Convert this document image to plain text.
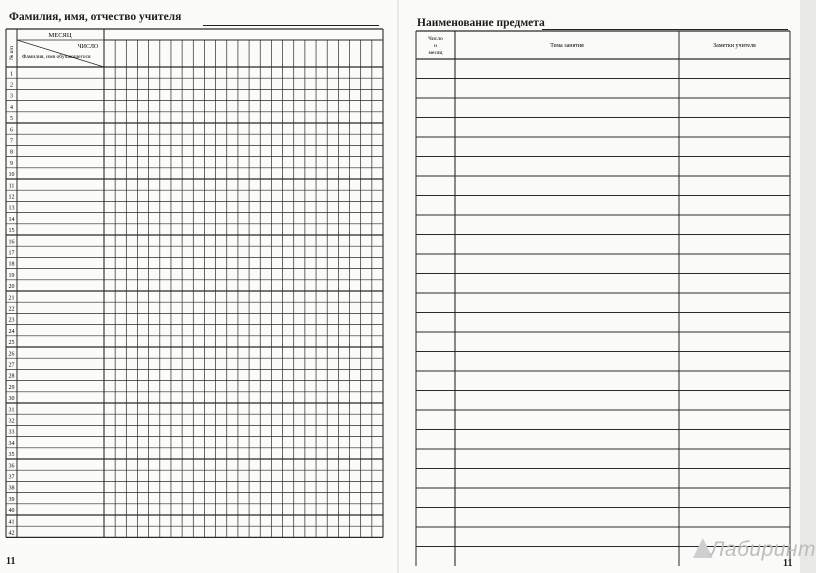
Фамилия, имя, отчество учителя
1
2
3
4
5
6
7
8
9
10
11
12
13
14
15
16
17
18
19
20
21
22
23
24
25
26
27
28
29
30
31
32
33
34
35
36
37
38
39
40
41
42
МЕСЯЦ
ЧИСЛО
Фамилия, имя обучающегося
№ п/п
11
Наименование предмета
Число
и
месяц
Тема занятия	Заметки учителя
11
▲
Лабиринт
